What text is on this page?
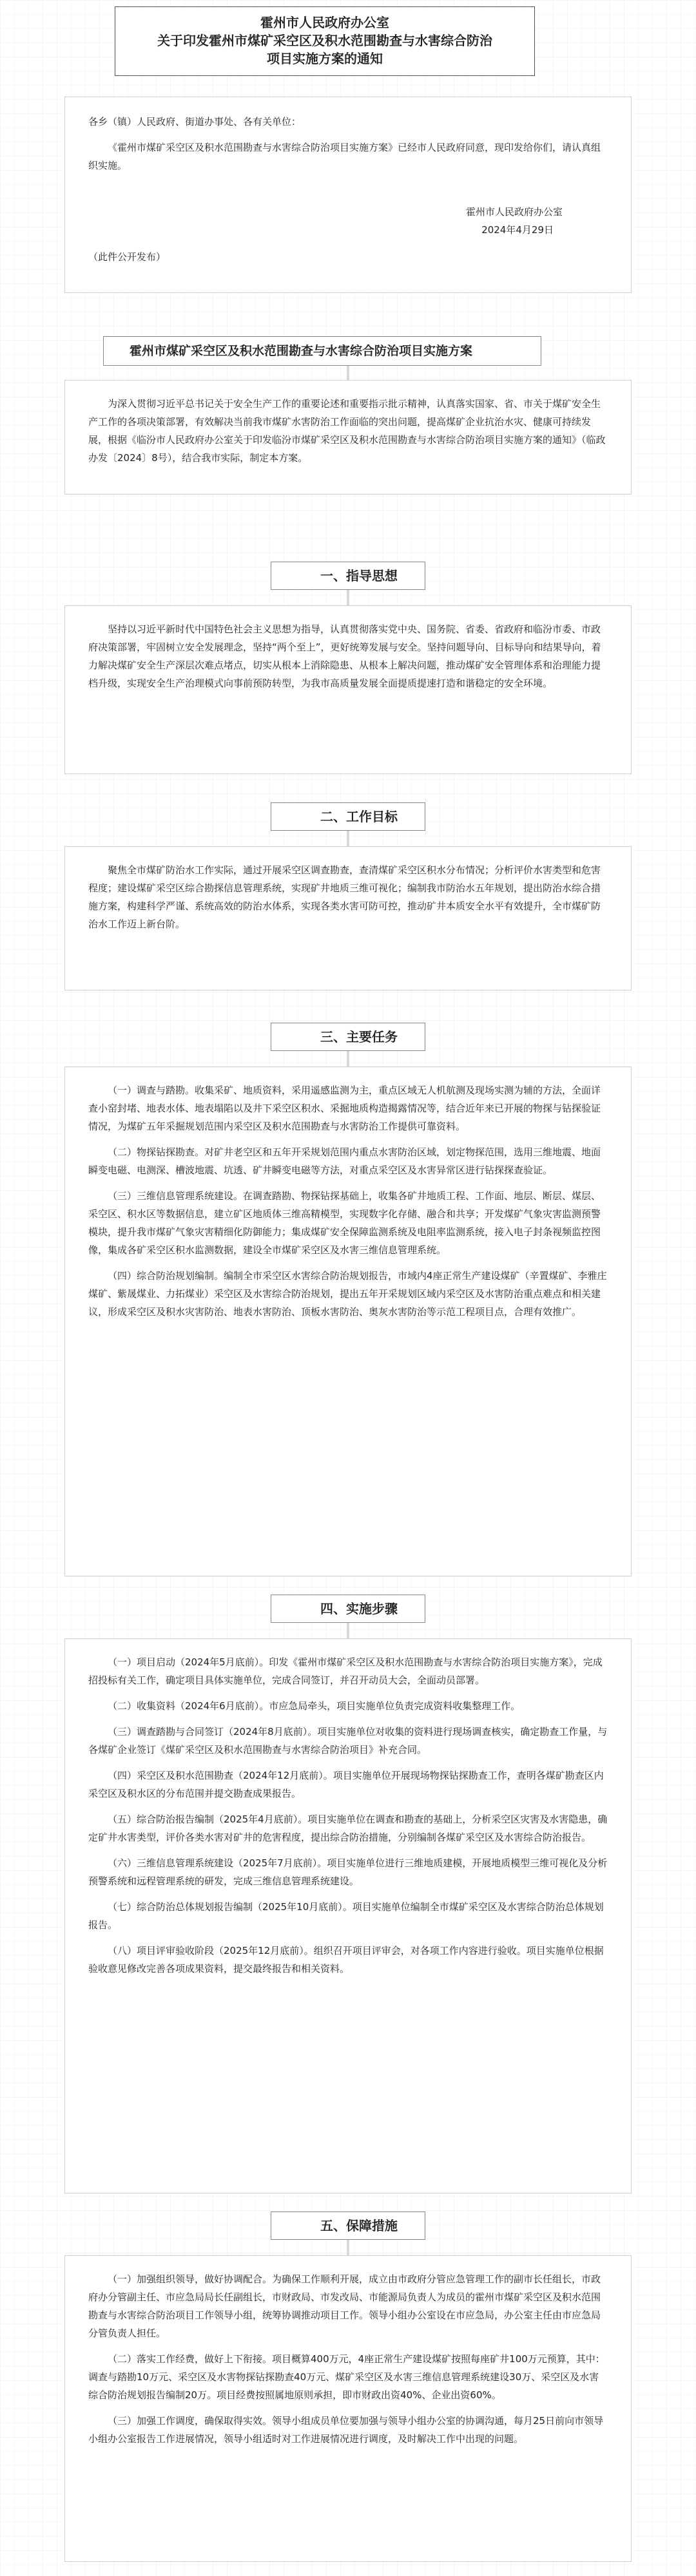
霍州市人民政府办公室
关于印发霍州市煤矿采空区及积水范围勘查与水害综合防治
项目实施方案的通知

各乡（镇）人民政府、街道办事处、各有关单位：

《霍州市煤矿采空区及积水范围勘查与水害综合防治项目实施方案》已经市人民政府同意，现印发给你们，请认真组织实施。

霍州市人民政府办公室

2024年4月29日

（此件公开发布）

霍州市煤矿采空区及积水范围勘查与水害综合防治项目实施方案

为深入贯彻习近平总书记关于安全生产工作的重要论述和重要指示批示精神，认真落实国家、省、市关于煤矿安全生产工作的各项决策部署，有效解决当前我市煤矿水害防治工作面临的突出问题，提高煤矿企业抗治水灾、健康可持续发展，根据《临汾市人民政府办公室关于印发临汾市煤矿采空区及积水范围勘查与水害综合防治项目实施方案的通知》（临政办发〔2024〕8号），结合我市实际，制定本方案。

一、指导思想

坚持以习近平新时代中国特色社会主义思想为指导，认真贯彻落实党中央、国务院、省委、省政府和临汾市委、市政府决策部署，牢固树立安全发展理念，坚持“两个至上”，更好统筹发展与安全。坚持问题导向、目标导向和结果导向，着力解决煤矿安全生产深层次难点堵点，切实从根本上消除隐患、从根本上解决问题，推动煤矿安全管理体系和治理能力提档升级，实现安全生产治理模式向事前预防转型，为我市高质量发展全面提质提速打造和谐稳定的安全环境。

二、工作目标

聚焦全市煤矿防治水工作实际，通过开展采空区调查勘查，查清煤矿采空区积水分布情况；分析评价水害类型和危害程度；建设煤矿采空区综合勘探信息管理系统，实现矿井地质三维可视化；编制我市防治水五年规划，提出防治水综合措施方案，构建科学严谨、系统高效的防治水体系，实现各类水害可防可控，推动矿井本质安全水平有效提升，全市煤矿防治水工作迈上新台阶。

三、主要任务

（一）调查与踏勘。收集采矿、地质资料，采用遥感监测为主，重点区域无人机航测及现场实测为辅的方法，全面详查小窑封堵、地表水体、地表塌陷以及井下采空区积水、采掘地质构造揭露情况等，结合近年来已开展的物探与钻探验证情况，为煤矿五年采掘规划范围内采空区及积水范围勘查与水害防治工作提供可靠资料。

（二）物探钻探勘查。对矿井老空区和五年开采规划范围内重点水害防治区域，划定物探范围，选用三维地震、地面瞬变电磁、电测深、槽波地震、坑透、矿井瞬变电磁等方法，对重点采空区及水害异常区进行钻探探查验证。

（三）三维信息管理系统建设。在调查踏勘、物探钻探基础上，收集各矿井地质工程、工作面、地层、断层、煤层、采空区、积水区等数据信息，建立矿区地质体三维高精模型，实现数字化存储、融合和共享；开发煤矿气象灾害监测预警模块，提升我市煤矿气象灾害精细化防御能力；集成煤矿安全保障监测系统及电阻率监测系统，接入电子封条视频监控图像，集成各矿采空区积水监测数据，建设全市煤矿采空区及水害三维信息管理系统。

（四）综合防治规划编制。编制全市采空区水害综合防治规划报告，市域内4座正常生产建设煤矿（辛置煤矿、李雅庄煤矿、紫晟煤业、力拓煤业）采空区及水害综合防治规划，提出五年开采规划区域内采空区及水害防治重点难点和相关建议，形成采空区及积水灾害防治、地表水害防治、顶板水害防治、奥灰水害防治等示范工程项目点，合理有效推广。

四、实施步骤

（一）项目启动（2024年5月底前）。印发《霍州市煤矿采空区及积水范围勘查与水害综合防治项目实施方案》，完成招投标有关工作，确定项目具体实施单位，完成合同签订，并召开动员大会，全面动员部署。

（二）收集资料（2024年6月底前）。市应急局牵头，项目实施单位负责完成资料收集整理工作。

（三）调查踏勘与合同签订（2024年8月底前）。项目实施单位对收集的资料进行现场调查核实，确定勘查工作量，与各煤矿企业签订《煤矿采空区及积水范围勘查与水害综合防治项目》补充合同。

（四）采空区及积水范围勘查（2024年12月底前）。项目实施单位开展现场物探钻探勘查工作，查明各煤矿勘查区内采空区及积水区的分布范围并提交勘查成果报告。

（五）综合防治报告编制（2025年4月底前）。项目实施单位在调查和勘查的基础上，分析采空区灾害及水害隐患，确定矿井水害类型，评价各类水害对矿井的危害程度，提出综合防治措施，分别编制各煤矿采空区及水害综合防治报告。

（六）三维信息管理系统建设（2025年7月底前）。项目实施单位进行三维地质建模，开展地质模型三维可视化及分析预警系统和远程管理系统的研发，完成三维信息管理系统建设。

（七）综合防治总体规划报告编制（2025年10月底前）。项目实施单位编制全市煤矿采空区及水害综合防治总体规划报告。

（八）项目评审验收阶段（2025年12月底前）。组织召开项目评审会，对各项工作内容进行验收。项目实施单位根据验收意见修改完善各项成果资料，提交最终报告和相关资料。

五、保障措施

（一）加强组织领导，做好协调配合。为确保工作顺利开展，成立由市政府分管应急管理工作的副市长任组长，市政府办分管副主任、市应急局局长任副组长，市财政局、市发改局、市能源局负责人为成员的霍州市煤矿采空区及积水范围勘查与水害综合防治项目工作领导小组，统筹协调推动项目工作。领导小组办公室设在市应急局，办公室主任由市应急局分管负责人担任。

（二）落实工作经费，做好上下衔接。项目概算400万元，4座正常生产建设煤矿按照每座矿井100万元预算，其中：调查与踏勘10万元、采空区及水害物探钻探勘查40万元、煤矿采空区及水害三维信息管理系统建设30万、采空区及水害综合防治规划报告编制20万。项目经费按照属地原则承担，即市财政出资40%、企业出资60%。

（三）加强工作调度，确保取得实效。领导小组成员单位要加强与领导小组办公室的协调沟通，每月25日前向市领导小组办公室报告工作进展情况，领导小组适时对工作进展情况进行调度，及时解决工作中出现的问题。
